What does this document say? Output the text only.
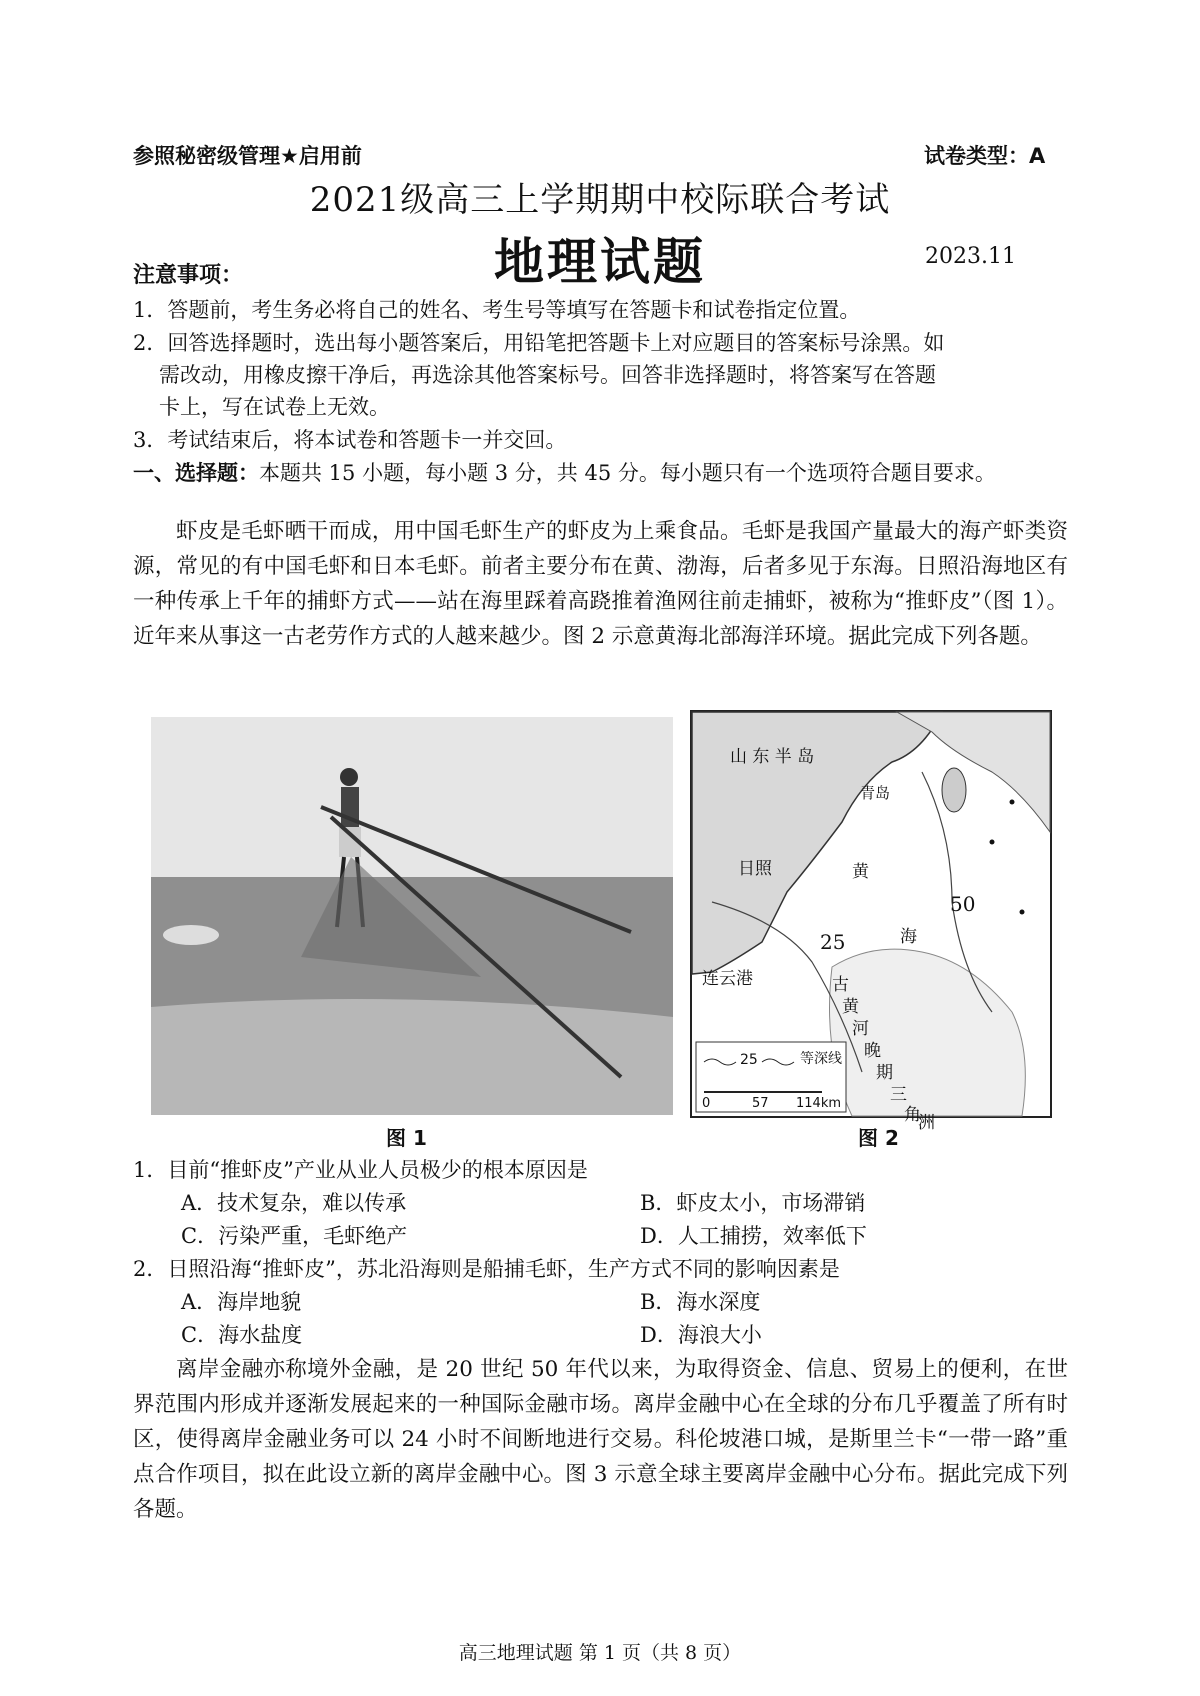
参照秘密级管理★启用前	试卷类型：A
2021级高三上学期期中校际联合考试
地理试题	2023.11
注意事项：
1．答题前，考生务必将自己的姓名、考生号等填写在答题卡和试卷指定位置。
2．回答选择题时，选出每小题答案后，用铅笔把答题卡上对应题目的答案标号涂黑。如
需改动，用橡皮擦干净后，再选涂其他答案标号。回答非选择题时，将答案写在答题
卡上，写在试卷上无效。
3．考试结束后，将本试卷和答题卡一并交回。
一、选择题：本题共 15 小题，每小题 3 分，共 45 分。每小题只有一个选项符合题目要求。
虾皮是毛虾晒干而成，用中国毛虾生产的虾皮为上乘食品。毛虾是我国产量最大的海产虾类资源，常见的有中国毛虾和日本毛虾。前者主要分布在黄、渤海，后者多见于东海。日照沿海地区有一种传承上千年的捕虾方式——站在海里踩着高跷推着渔网往前走捕虾，被称为“推虾皮”（图 1）。近年来从事这一古老劳作方式的人越来越少。图 2 示意黄海北部海洋环境。据此完成下列各题。
图 1
山 东 半 岛
青岛
日照	黄
50
海
25
连云港	古
黄
河
晚
期
三
角
洲
25	等深线
0	57 114km
图 2
1．目前“推虾皮”产业从业人员极少的根本原因是
A．技术复杂，难以传承	B．虾皮太小，市场滞销
C．污染严重，毛虾绝产	D．人工捕捞，效率低下
2．日照沿海“推虾皮”，苏北沿海则是船捕毛虾，生产方式不同的影响因素是
A．海岸地貌	B．海水深度
C．海水盐度	D．海浪大小
离岸金融亦称境外金融，是 20 世纪 50 年代以来，为取得资金、信息、贸易上的便利，在世界范围内形成并逐渐发展起来的一种国际金融市场。离岸金融中心在全球的分布几乎覆盖了所有时区，使得离岸金融业务可以 24 小时不间断地进行交易。科伦坡港口城，是斯里兰卡“一带一路”重点合作项目，拟在此设立新的离岸金融中心。图 3 示意全球主要离岸金融中心分布。据此完成下列各题。
高三地理试题 第 1 页（共 8 页）
